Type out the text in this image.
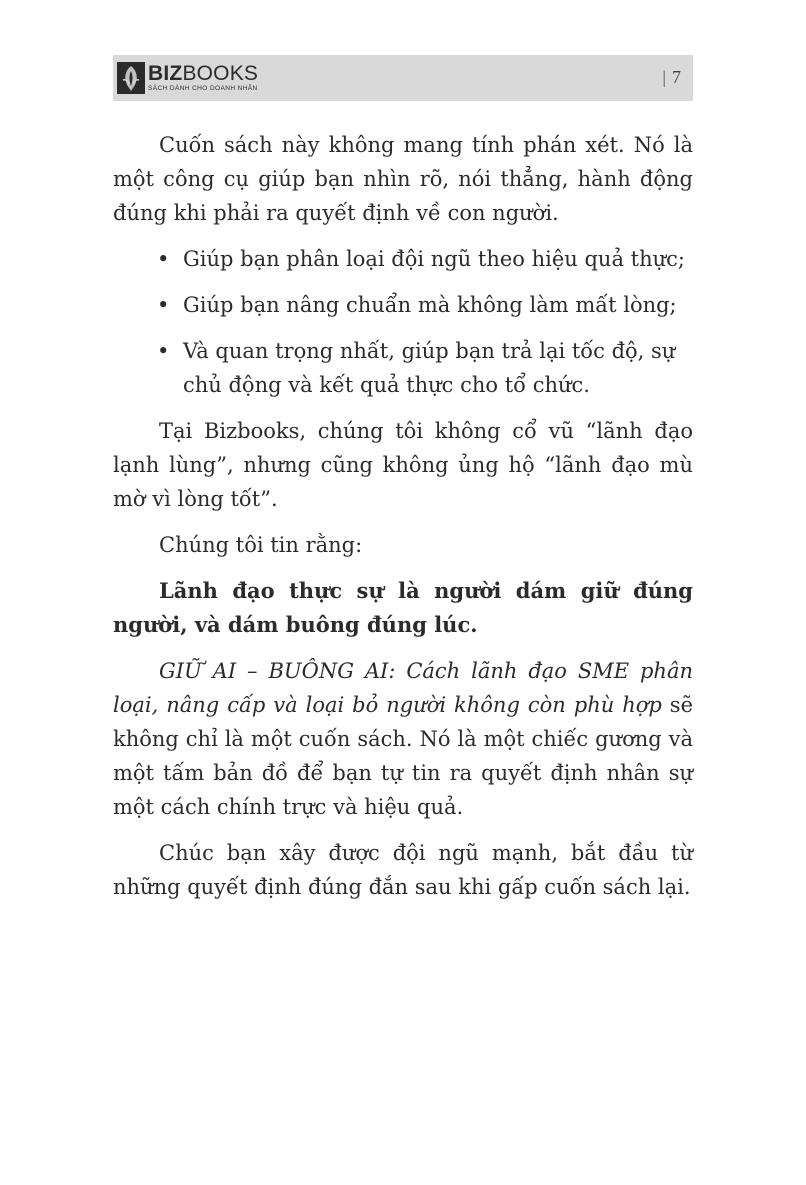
BIZBOOKS
SÁCH DÀNH CHO DOANH NHÂN
| 7

Cuốn sách này không mang tính phán xét. Nó là một công cụ giúp bạn nhìn rõ, nói thẳng, hành động đúng khi phải ra quyết định về con người.

• Giúp bạn phân loại đội ngũ theo hiệu quả thực;
• Giúp bạn nâng chuẩn mà không làm mất lòng;
• Và quan trọng nhất, giúp bạn trả lại tốc độ, sự chủ động và kết quả thực cho tổ chức.

Tại Bizbooks, chúng tôi không cổ vũ “lãnh đạo lạnh lùng”, nhưng cũng không ủng hộ “lãnh đạo mù mờ vì lòng tốt”.

Chúng tôi tin rằng:

Lãnh đạo thực sự là người dám giữ đúng người, và dám buông đúng lúc.

GIỮ AI – BUÔNG AI: Cách lãnh đạo SME phân loại, nâng cấp và loại bỏ người không còn phù hợp sẽ không chỉ là một cuốn sách. Nó là một chiếc gương và một tấm bản đồ để bạn tự tin ra quyết định nhân sự một cách chính trực và hiệu quả.

Chúc bạn xây được đội ngũ mạnh, bắt đầu từ những quyết định đúng đắn sau khi gấp cuốn sách lại.
